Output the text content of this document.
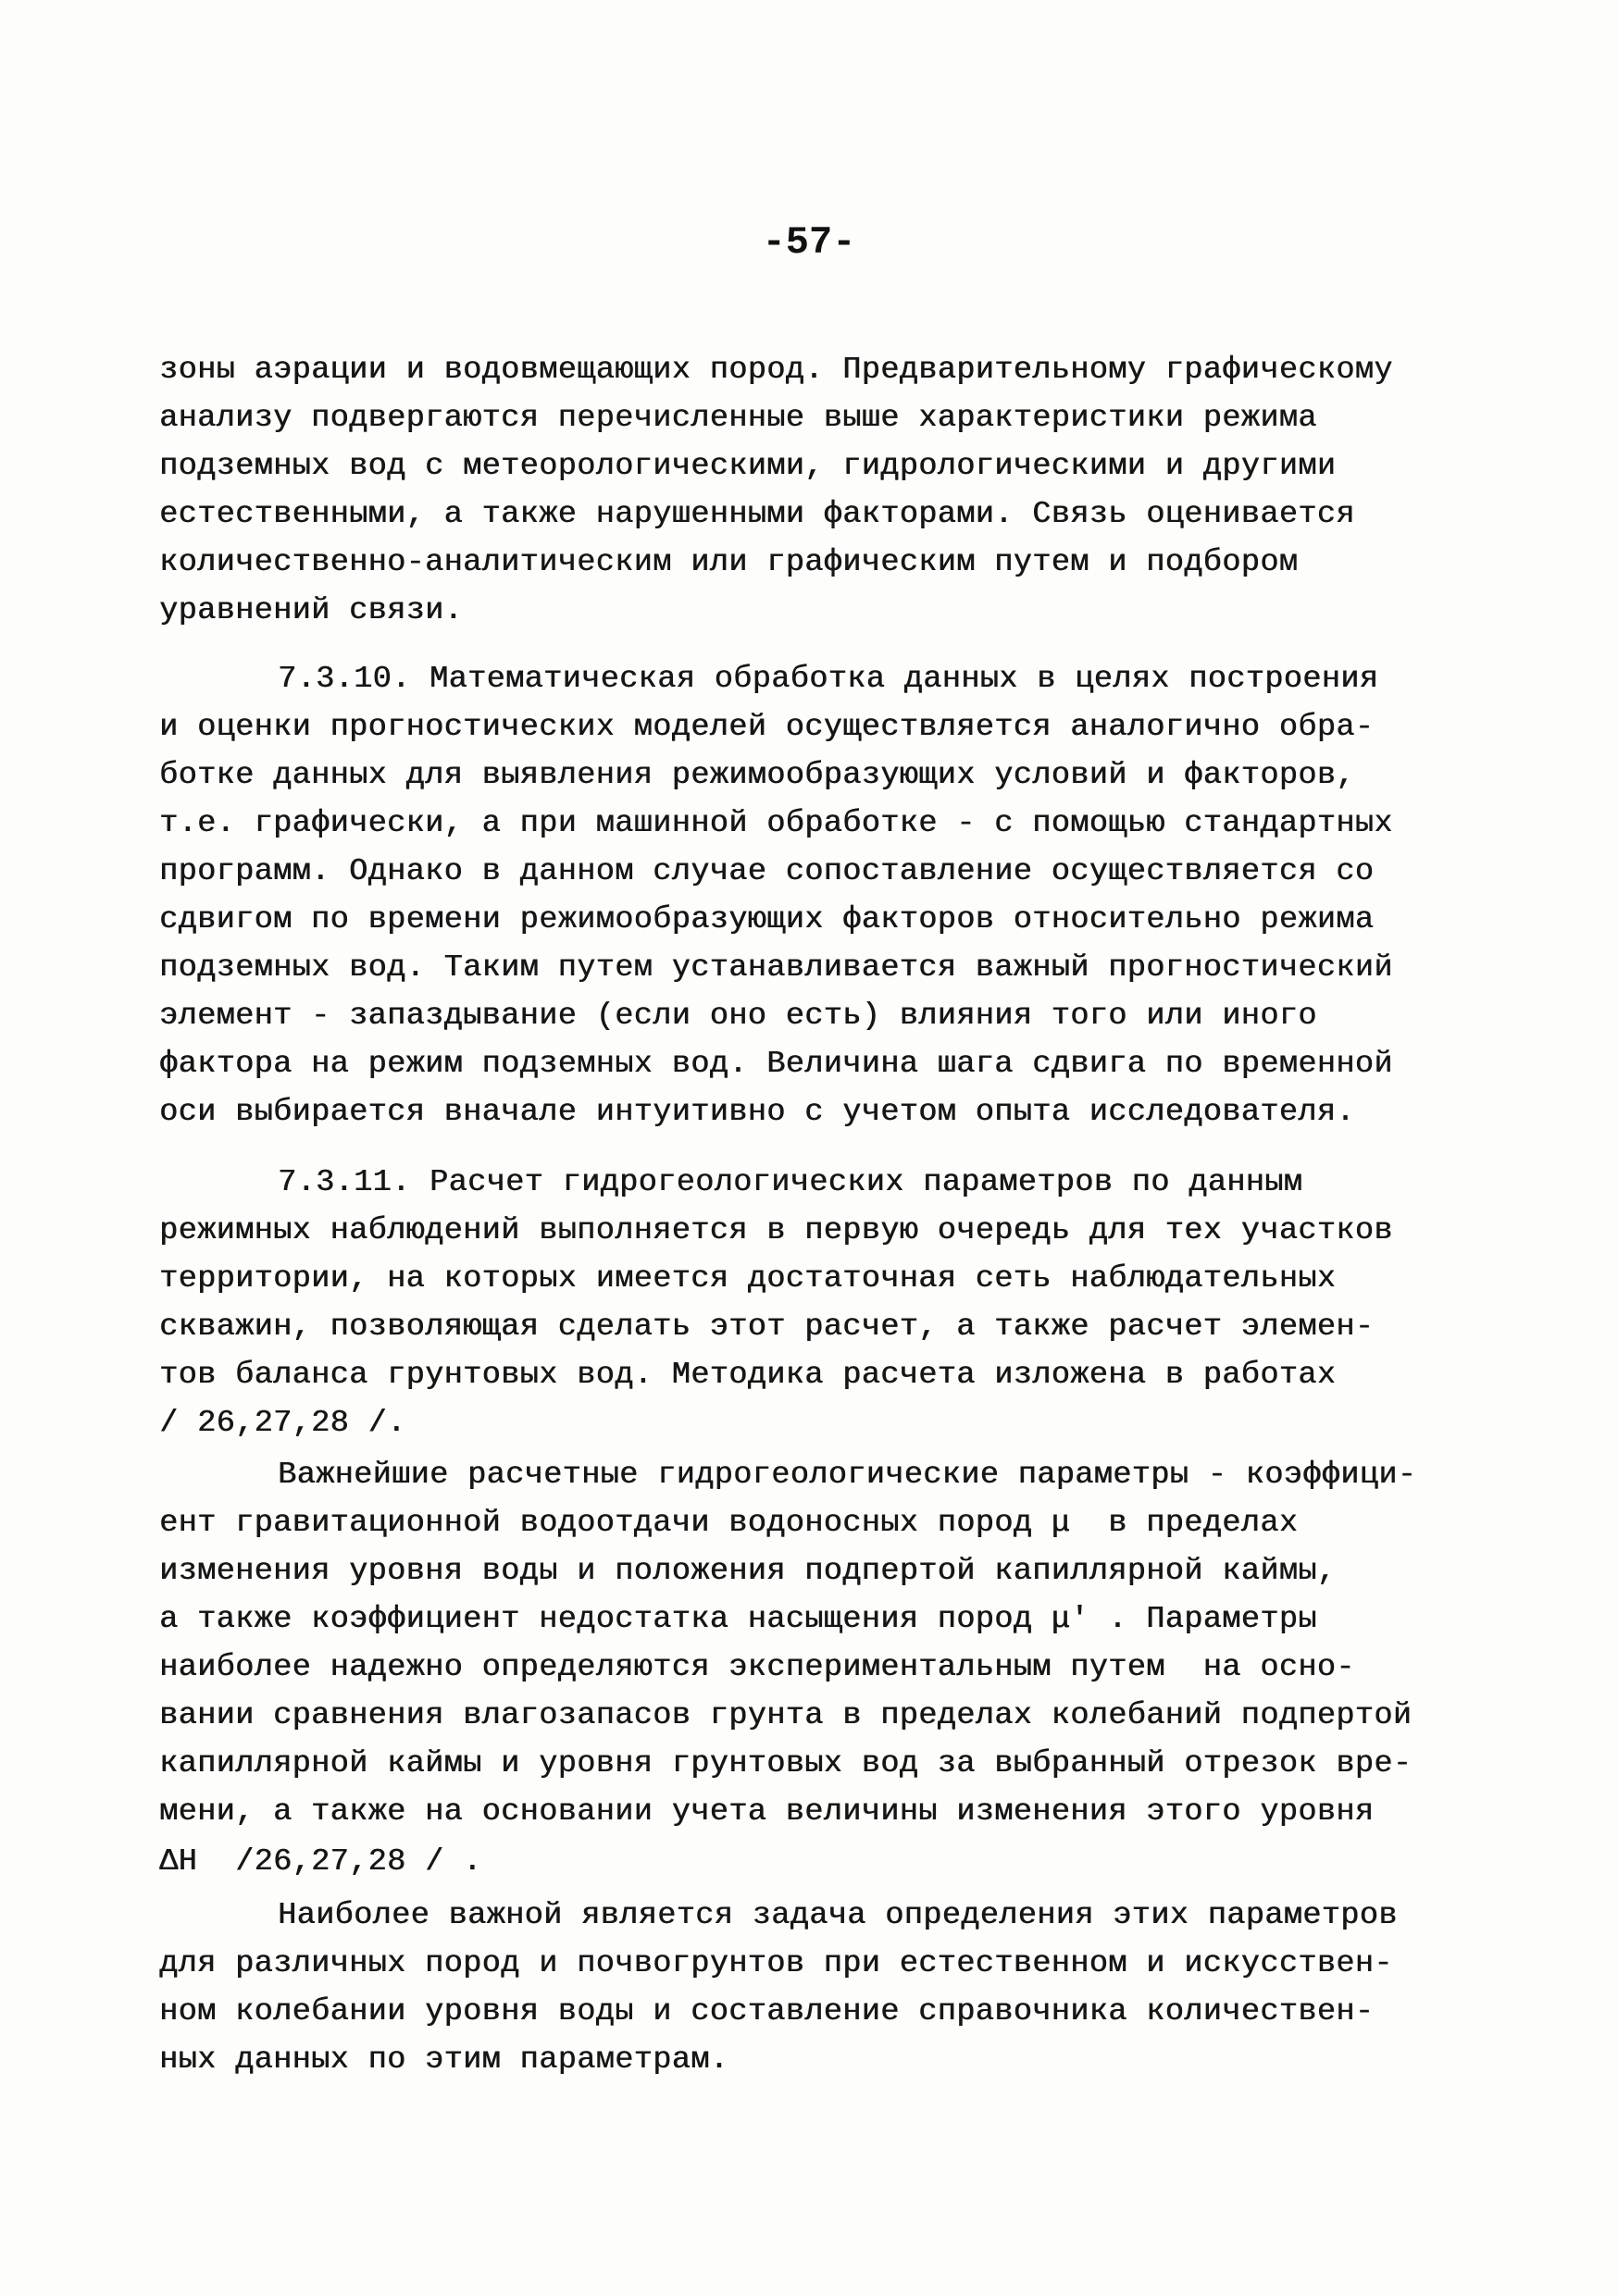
-57-
зоны аэрации и водовмещающих пород. Предварительному графическому
анализу подвергаются перечисленные выше характеристики режима
подземных вод с метеорологическими, гидрологическими и другими
естественными, а также нарушенными факторами. Связь оценивается
количественно-аналитическим или графическим путем и подбором
уравнений связи.
7.3.10. Математическая обработка данных в целях построения
и оценки прогностических моделей осуществляется аналогично обра-
ботке данных для выявления режимообразующих условий и факторов,
т.е. графически, а при машинной обработке - с помощью стандартных
программ. Однако в данном случае сопоставление осуществляется со
сдвигом по времени режимообразующих факторов относительно режима
подземных вод. Таким путем устанавливается важный прогностический
элемент - запаздывание (если оно есть) влияния того или иного
фактора на режим подземных вод. Величина шага сдвига по временной
оси выбирается вначале интуитивно с учетом опыта исследователя.
7.3.11. Расчет гидрогеологических параметров по данным
режимных наблюдений выполняется в первую очередь для тех участков
территории, на которых имеется достаточная сеть наблюдательных
скважин, позволяющая сделать этот расчет, а также расчет элемен-
тов баланса грунтовых вод. Методика расчета изложена в работах
/ 26,27,28 /.
Важнейшие расчетные гидрогеологические параметры - коэффици-
ент гравитационной водоотдачи водоносных пород μ  в пределах
изменения уровня воды и положения подпертой капиллярной каймы,
а также коэффициент недостатка насыщения пород μ' . Параметры
наиболее надежно определяются экспериментальным путем  на осно-
вании сравнения влагозапасов грунта в пределах колебаний подпертой
капиллярной каймы и уровня грунтовых вод за выбранный отрезок вре-
мени, а также на основании учета величины изменения этого уровня
ΔH  /26,27,28 / .
Наиболее важной является задача определения этих параметров
для различных пород и почвогрунтов при естественном и искусствен-
ном колебании уровня воды и составление справочника количествен-
ных данных по этим параметрам.
